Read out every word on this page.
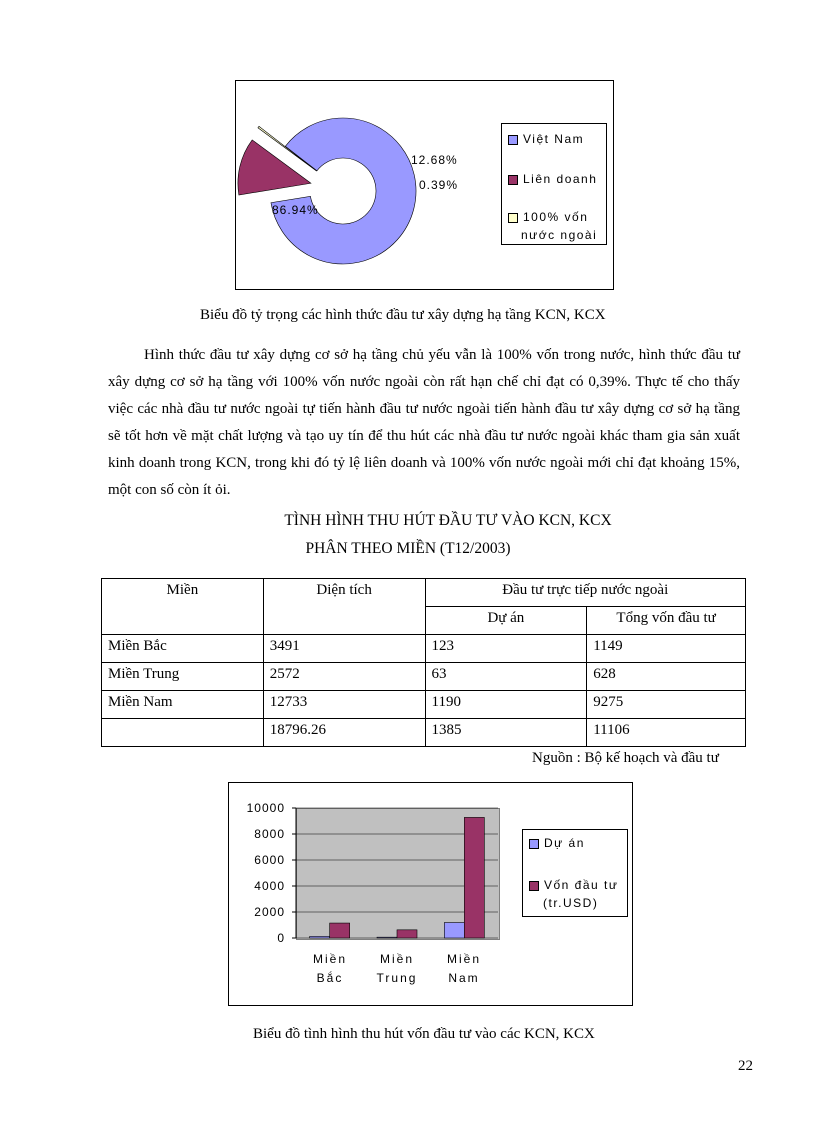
86.94%
12.68%
0.39%
Việt Nam
Liên doanh
100% vốn
nước ngoài
Biểu đồ tỷ trọng các hình thức đầu tư xây dựng hạ tầng KCN, KCX

Hình thức đầu tư xây dựng cơ sở hạ tầng chủ yếu vẫn là 100% vốn trong nước, hình thức đầu tư xây dựng cơ sở hạ tầng với 100% vốn nước ngoài còn rất hạn chế chỉ đạt có 0,39%. Thực tế cho thấy việc các nhà đầu tư nước ngoài tự tiến hành đầu tư nước ngoài tiến hành đầu tư xây dựng cơ sở hạ tầng sẽ tốt hơn về mặt chất lượng và tạo uy tín để thu hút các nhà đầu tư nước ngoài khác tham gia sản xuất kinh doanh trong KCN, trong khi đó tỷ lệ liên doanh và 100% vốn nước ngoài mới chỉ đạt khoảng 15%, một con số còn ít ỏi.

TÌNH HÌNH THU HÚT ĐẦU TƯ VÀO KCN, KCX
PHÂN THEO MIỀN (T12/2003)
Miền	Diện tích	Đầu tư trực tiếp nước ngoài	
		Dự án	Tổng vốn đầu tư
Miền Bắc	3491	123	1149
Miền Trung	2572	63	628
Miền Nam	12733	1190	9275
	18796.26	1385	11106
Nguồn : Bộ kế hoạch và đầu tư
10000
8000
6000
4000
2000
0
Miền
Bắc
Miền
Trung
Miền
Nam
Dự án
Vốn đầu tư
(tr.USD)
Biểu đồ tình hình thu hút vốn đầu tư vào các KCN, KCX
22
